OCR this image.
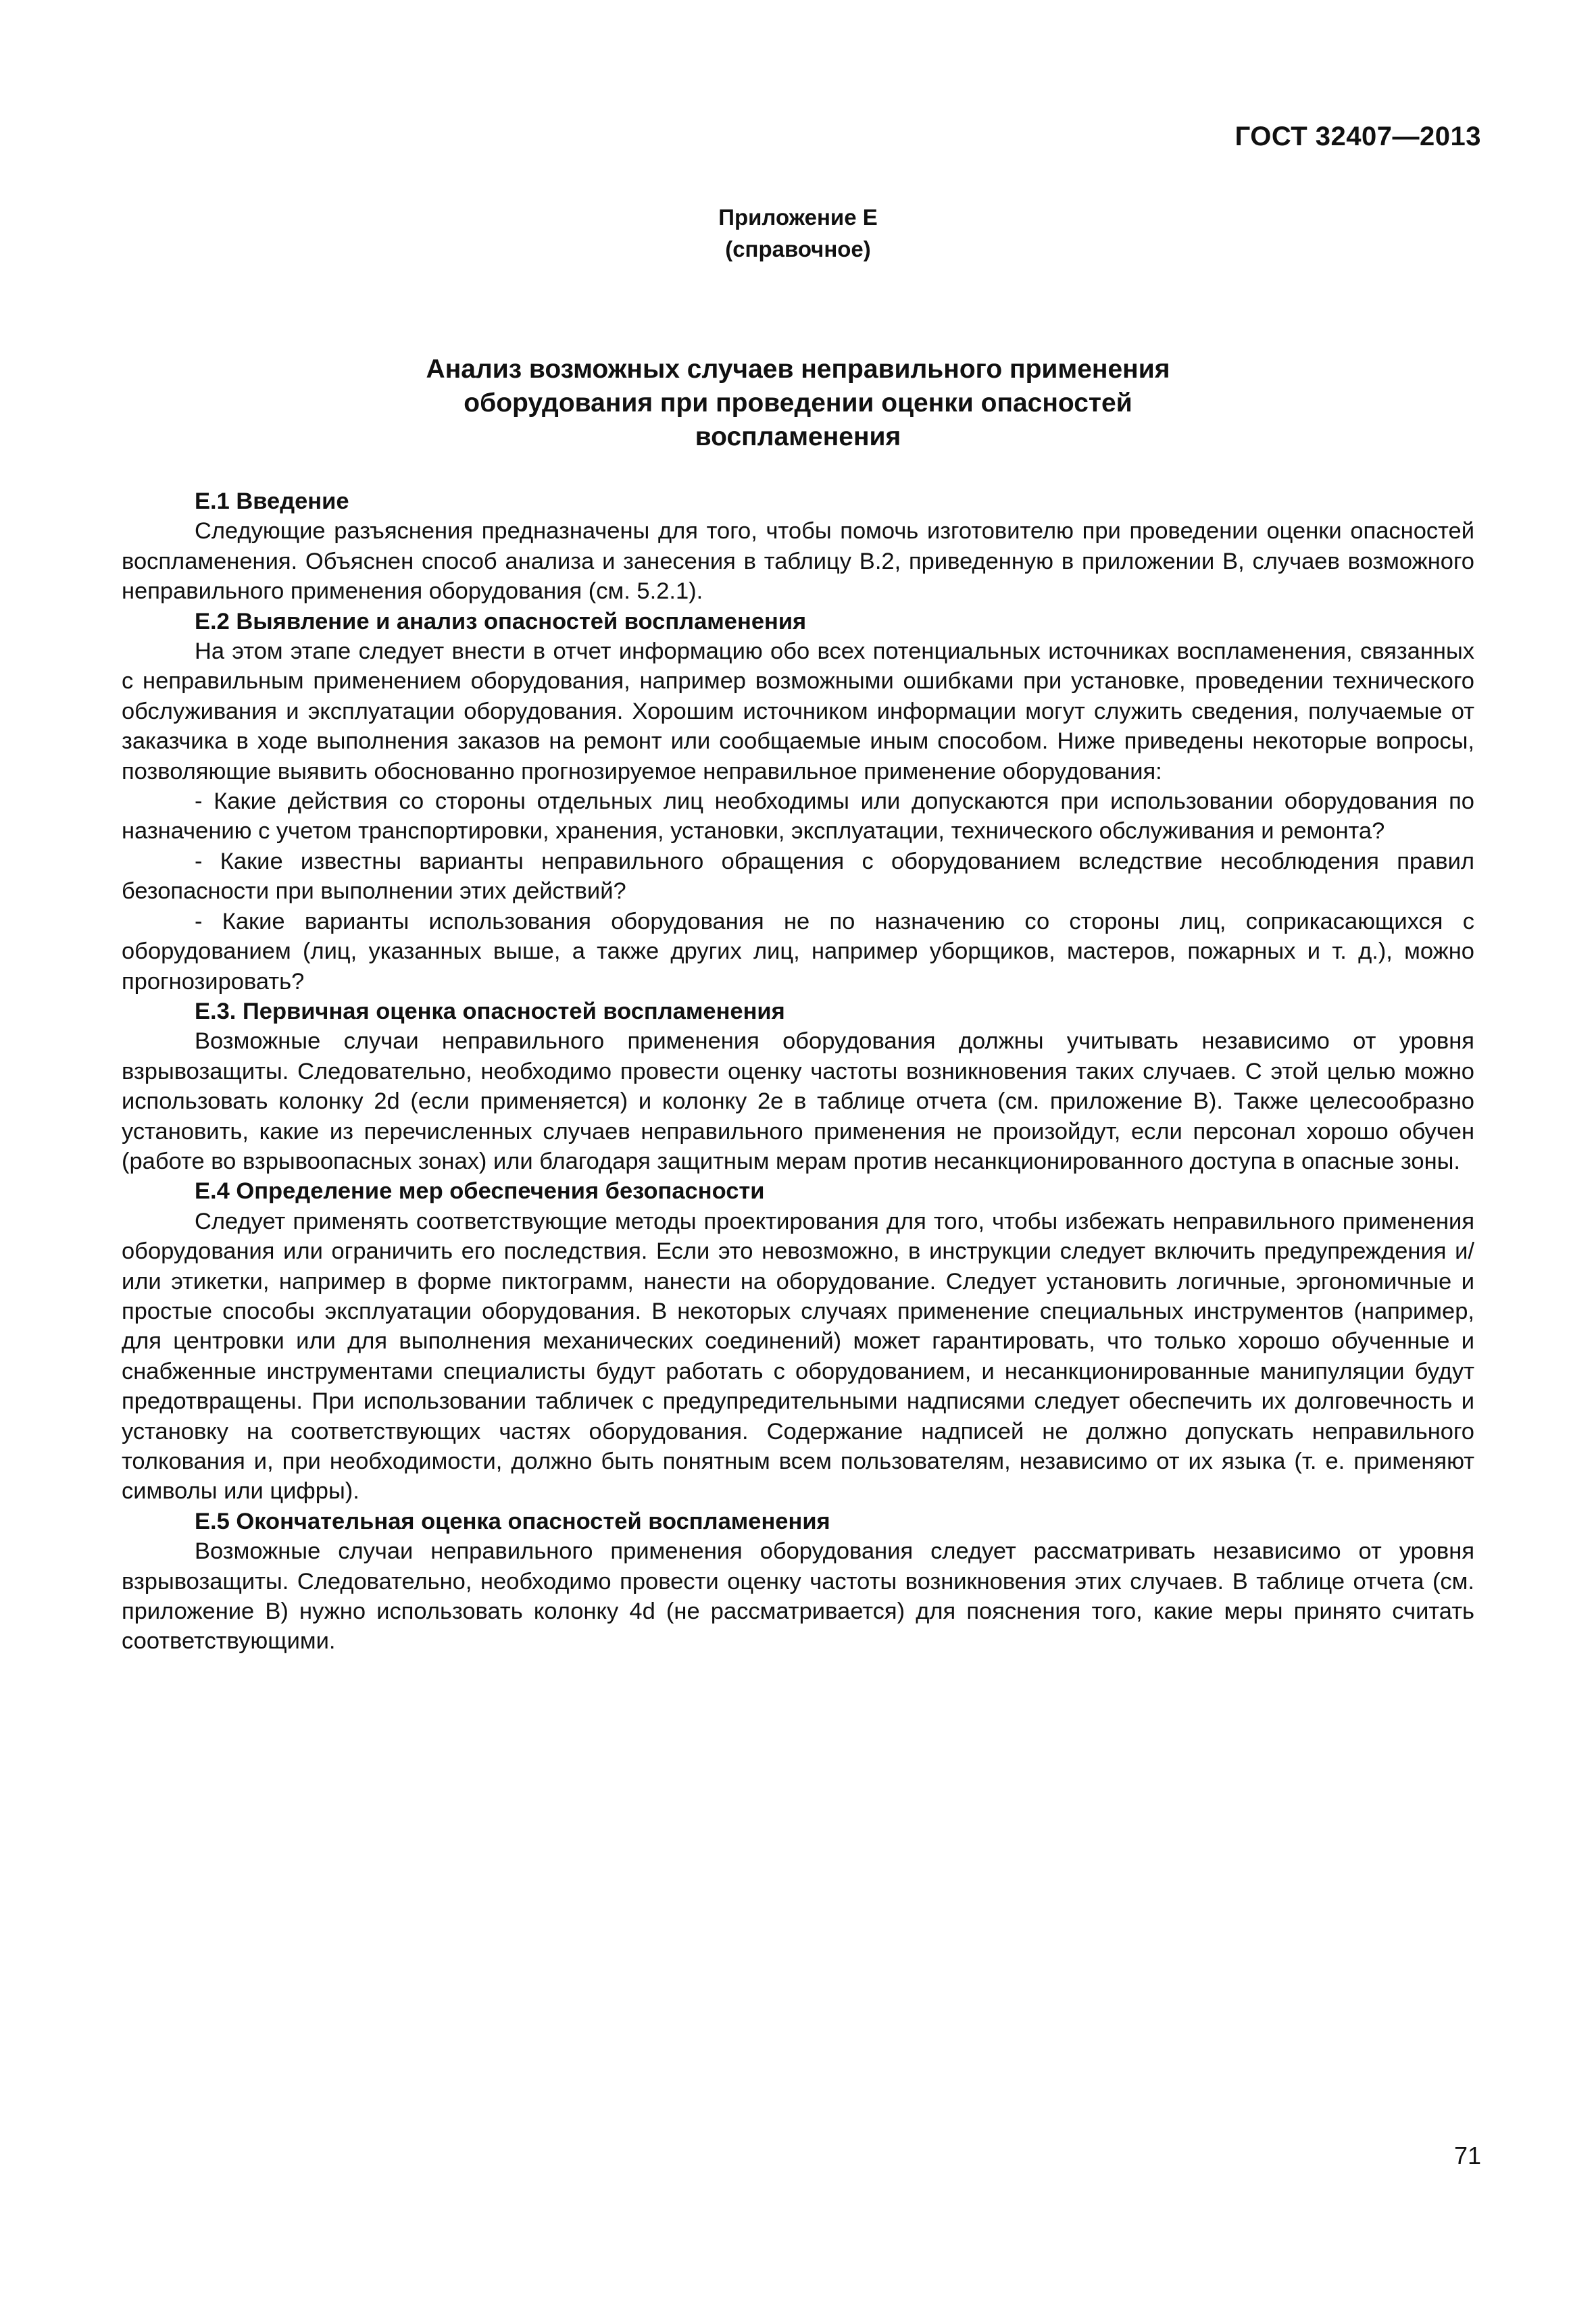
ГОСТ 32407—2013
Приложение Е
(справочное)
Анализ возможных случаев неправильного применения
оборудования при проведении оценки опасностей
воспламенения

Е.1 Введение

Следующие разъяснения предназначены для того, чтобы помочь изготовителю при проведении оценки опасностей воспламенения. Объяснен способ анализа и занесения в таблицу В.2, приведенную в приложении В, случаев возможного неправильного применения оборудования (см. 5.2.1).

Е.2 Выявление и анализ опасностей воспламенения

На этом этапе следует внести в отчет информацию обо всех потенциальных источниках воспламенения, связанных с неправильным применением оборудования, например возможными ошибками при установке, проведении технического обслуживания и эксплуатации оборудования. Хорошим источником информации могут служить сведения, получаемые от заказчика в ходе выполнения заказов на ремонт или сообщаемые иным способом. Ниже приведены некоторые вопросы, позволяющие выявить обоснованно прогнозируемое неправильное применение оборудования:

- Какие действия со стороны отдельных лиц необходимы или допускаются при использовании оборудования по назначению с учетом транспортировки, хранения, установки, эксплуатации, технического обслуживания и ремонта?

- Какие известны варианты неправильного обращения с оборудованием вследствие несоблюдения правил безопасности при выполнении этих действий?

- Какие варианты использования оборудования не по назначению со стороны лиц, соприкасающихся с оборудованием (лиц, указанных выше, а также других лиц, например уборщиков, мастеров, пожарных и т. д.), можно прогнозировать?

Е.3. Первичная оценка опасностей воспламенения

Возможные случаи неправильного применения оборудования должны учитывать независимо от уровня взрывозащиты. Следовательно, необходимо провести оценку частоты возникновения таких случаев. С этой целью можно использовать колонку 2d (если применяется) и колонку 2е в таблице отчета (см. приложение В). Также целесообразно установить, какие из перечисленных случаев неправильного применения не произойдут, если персонал хорошо обучен (работе во взрывоопасных зонах) или благодаря защитным мерам против несанкционированного доступа в опасные зоны.

Е.4 Определение мер обеспечения безопасности

Следует применять соответствующие методы проектирования для того, чтобы избежать неправильного применения оборудования или ограничить его последствия. Если это невозможно, в инструкции следует включить предупреждения и/или этикетки, например в форме пиктограмм, нанести на оборудование. Следует установить логичные, эргономичные и простые способы эксплуатации оборудования. В некоторых случаях применение специальных инструментов (например, для центровки или для выполнения механических соединений) может гарантировать, что только хорошо обученные и снабженные инструментами специалисты будут работать с оборудованием, и несанкционированные манипуляции будут предотвращены. При использовании табличек с предупредительными надписями следует обеспечить их долговечность и установку на соответствующих частях оборудования. Содержание надписей не должно допускать неправильного толкования и, при необходимости, должно быть понятным всем пользователям, независимо от их языка (т. е. применяют символы или цифры).

Е.5 Окончательная оценка опасностей воспламенения

Возможные случаи неправильного применения оборудования следует рассматривать независимо от уровня взрывозащиты. Следовательно, необходимо провести оценку частоты возникновения этих случаев. В таблице отчета (см. приложение В) нужно использовать колонку 4d (не рассматривается) для пояснения того, какие меры принято считать соответствующими.

71
